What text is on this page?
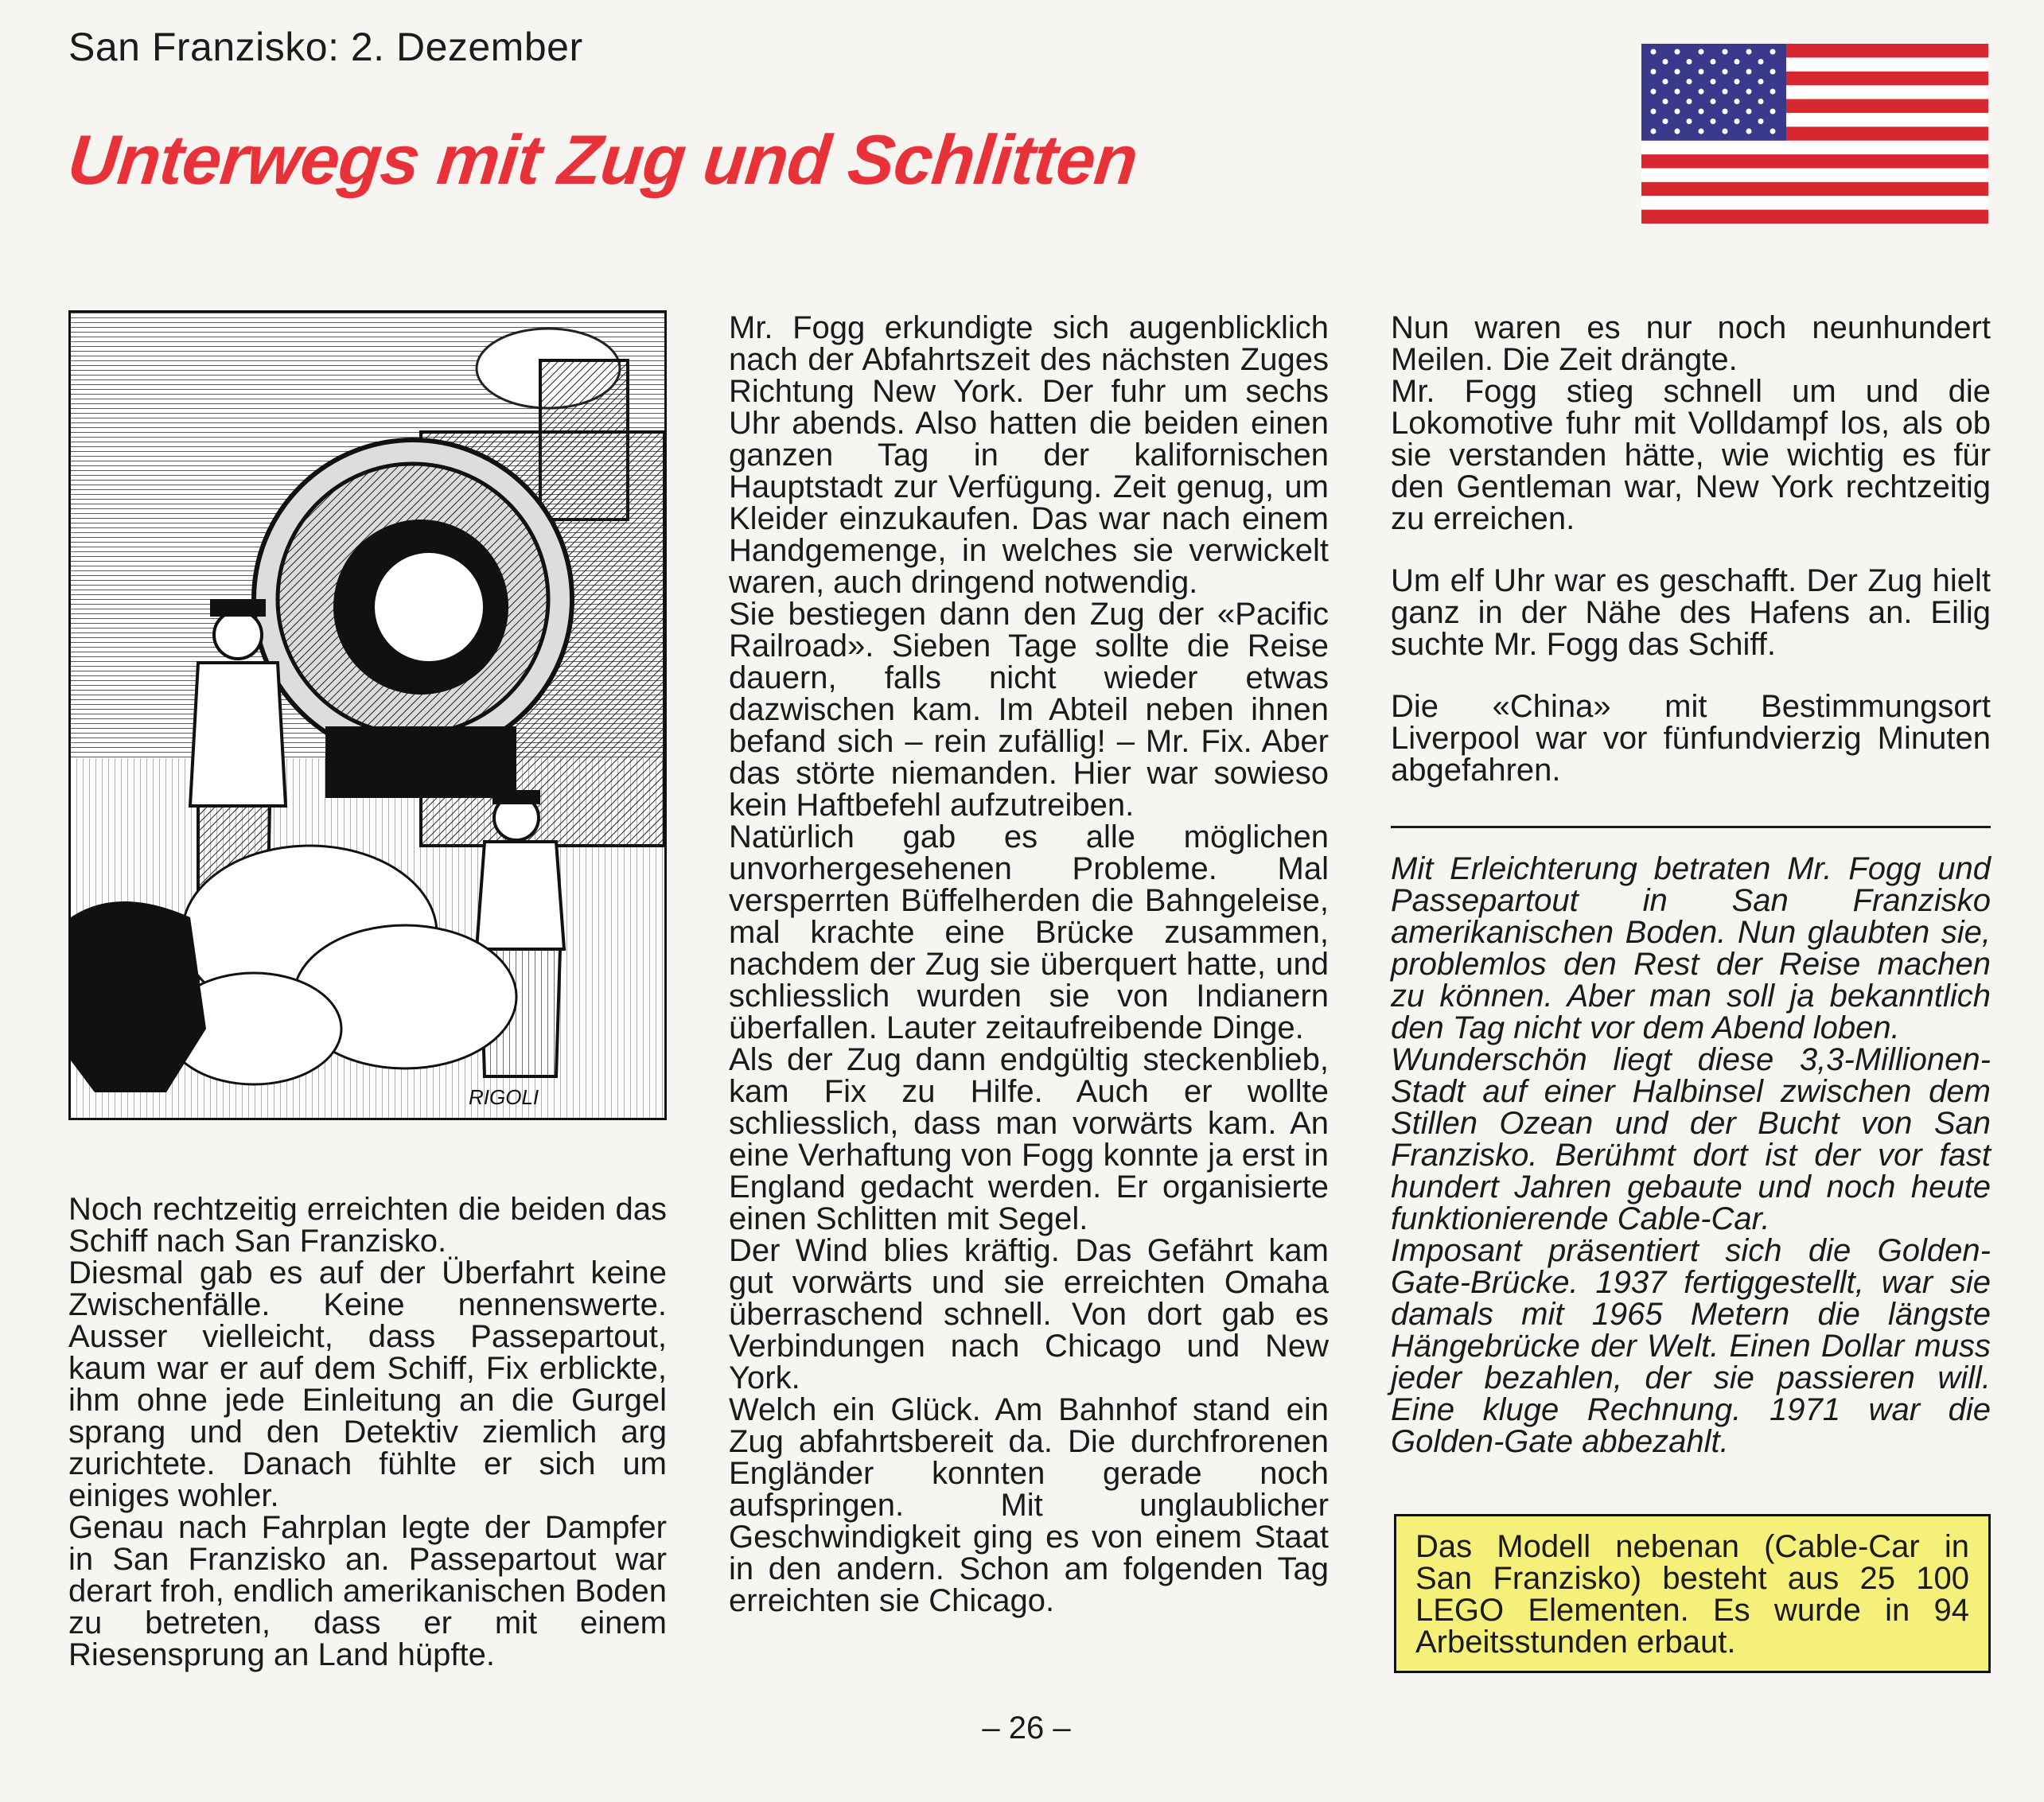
San Franzisko: 2. Dezember
Unterwegs mit Zug und Schlitten
RIGOLI

Noch rechtzeitig erreichten die beiden das Schiff nach San Franzisko.

Diesmal gab es auf der Überfahrt keine Zwischenfälle. Keine nennenswerte. Ausser vielleicht, dass Passepartout, kaum war er auf dem Schiff, Fix erblickte, ihm ohne jede Einleitung an die Gurgel sprang und den Detektiv ziemlich arg zurichtete. Danach fühlte er sich um einiges wohler.

Genau nach Fahrplan legte der Dampfer in San Franzisko an. Passepartout war derart froh, endlich amerikanischen Boden zu betreten, dass er mit einem Riesensprung an Land hüpfte.

Mr. Fogg erkundigte sich augenblicklich nach der Abfahrtszeit des nächsten Zuges Richtung New York. Der fuhr um sechs Uhr abends. Also hatten die beiden einen ganzen Tag in der kalifornischen Hauptstadt zur Verfügung. Zeit genug, um Kleider einzukaufen. Das war nach einem Handgemenge, in welches sie verwickelt waren, auch dringend notwendig.

Sie bestiegen dann den Zug der «Pacific Railroad». Sieben Tage sollte die Reise dauern, falls nicht wieder etwas dazwischen kam. Im Abteil neben ihnen befand sich – rein zufällig! – Mr. Fix. Aber das störte niemanden. Hier war sowieso kein Haftbefehl aufzutreiben.

Natürlich gab es alle möglichen unvorhergesehenen Probleme. Mal versperrten Büffelherden die Bahngeleise, mal krachte eine Brücke zusammen, nachdem der Zug sie überquert hatte, und schliesslich wurden sie von Indianern überfallen. Lauter zeitaufreibende Dinge.

Als der Zug dann endgültig steckenblieb, kam Fix zu Hilfe. Auch er wollte schliesslich, dass man vorwärts kam. An eine Verhaftung von Fogg konnte ja erst in England gedacht werden. Er organisierte einen Schlitten mit Segel.

Der Wind blies kräftig. Das Gefährt kam gut vorwärts und sie erreichten Omaha überraschend schnell. Von dort gab es Verbindungen nach Chicago und New York.

Welch ein Glück. Am Bahnhof stand ein Zug abfahrtsbereit da. Die durchfrorenen Engländer konnten gerade noch aufspringen. Mit unglaublicher Geschwindigkeit ging es von einem Staat in den andern. Schon am folgenden Tag erreichten sie Chicago.

Nun waren es nur noch neunhundert Meilen. Die Zeit drängte.

Mr. Fogg stieg schnell um und die Lokomotive fuhr mit Volldampf los, als ob sie verstanden hätte, wie wichtig es für den Gentleman war, New York rechtzeitig zu erreichen.

Um elf Uhr war es geschafft. Der Zug hielt ganz in der Nähe des Hafens an. Eilig suchte Mr. Fogg das Schiff.

Die «China» mit Bestimmungsort Liverpool war vor fünfundvierzig Minuten abgefahren.

Mit Erleichterung betraten Mr. Fogg und Passepartout in San Franzisko amerikanischen Boden. Nun glaubten sie, problemlos den Rest der Reise machen zu können. Aber man soll ja bekanntlich den Tag nicht vor dem Abend loben.

Wunderschön liegt diese 3,3-Millionen-Stadt auf einer Halbinsel zwischen dem Stillen Ozean und der Bucht von San Franzisko. Berühmt dort ist der vor fast hundert Jahren gebaute und noch heute funktionierende Cable-Car.

Imposant präsentiert sich die Golden-Gate-Brücke. 1937 fertiggestellt, war sie damals mit 1965 Metern die längste Hängebrücke der Welt. Einen Dollar muss jeder bezahlen, der sie passieren will. Eine kluge Rechnung. 1971 war die Golden-Gate abbezahlt.

Das Modell nebenan (Cable-Car in San Franzisko) besteht aus 25 100 LEGO Elementen. Es wurde in 94 Arbeitsstunden erbaut.
– 26 –
